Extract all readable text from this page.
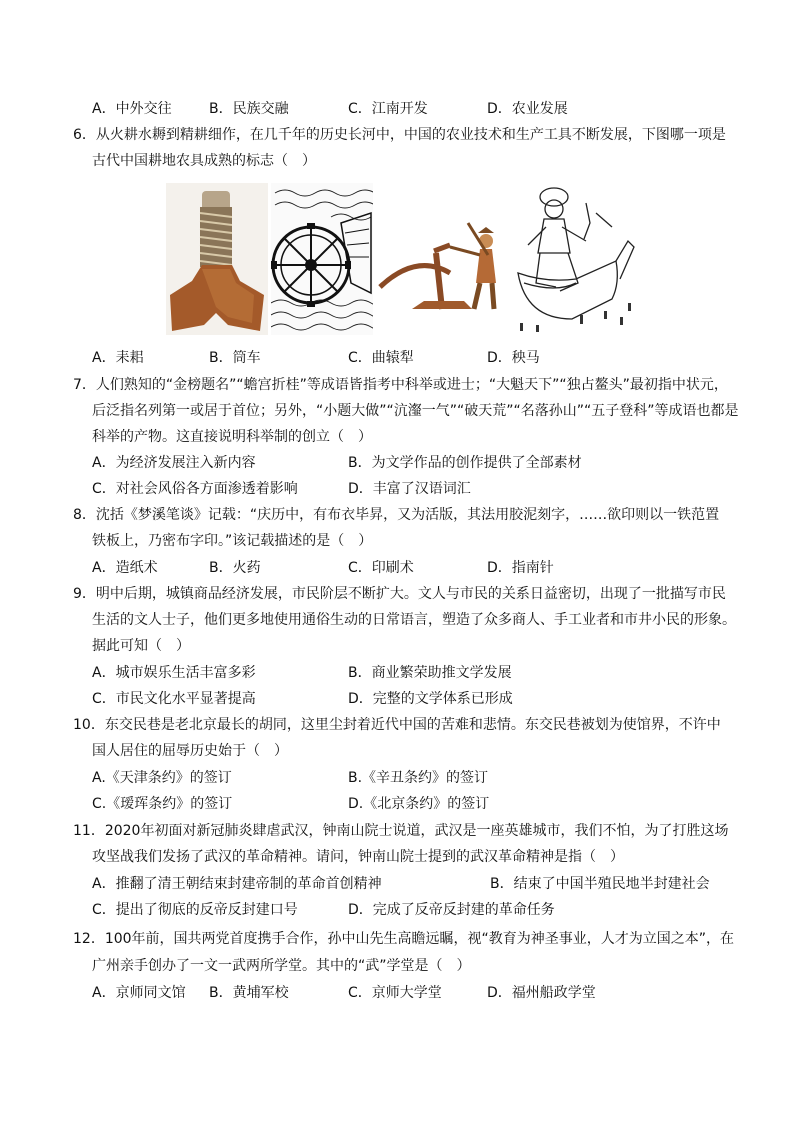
A．中外交往	B．民族交融	C．江南开发	D．农业发展
6．从火耕水耨到精耕细作，在几千年的历史长河中，中国的农业技术和生产工具不断发展，下图哪一项是
古代中国耕地农具成熟的标志（　）
A．耒耜	B．筒车	C．曲辕犁	D．秧马
7．人们熟知的“金榜题名”“蟾宫折桂”等成语皆指考中科举或进士；“大魁天下”“独占鳌头”最初指中状元，
后泛指名列第一或居于首位；另外，“小题大做”“沆瀣一气”“破天荒”“名落孙山”“五子登科”等成语也都是
科举的产物。这直接说明科举制的创立（　）
A．为经济发展注入新内容	B．为文学作品的创作提供了全部素材
C．对社会风俗各方面渗透着影响	D．丰富了汉语词汇
8．沈括《梦溪笔谈》记载：“庆历中，有布衣毕昇，又为活版，其法用胶泥刻字，……欲印则以一铁范置
铁板上，乃密布字印。”该记载描述的是（　）
A．造纸术	B．火药	C．印刷术	D．指南针
9．明中后期，城镇商品经济发展，市民阶层不断扩大。文人与市民的关系日益密切，出现了一批描写市民
生活的文人士子，他们更多地使用通俗生动的日常语言，塑造了众多商人、手工业者和市井小民的形象。
据此可知（　）
A．城市娱乐生活丰富多彩	B．商业繁荣助推文学发展
C．市民文化水平显著提高	D．完整的文学体系已形成
10．东交民巷是老北京最长的胡同，这里尘封着近代中国的苦难和悲情。东交民巷被划为使馆界，不许中
国人居住的屈辱历史始于（　）
A.《天津条约》的签订	B.《辛丑条约》的签订
C.《瑷珲条约》的签订	D.《北京条约》的签订
11．2020年初面对新冠肺炎肆虐武汉，钟南山院士说道，武汉是一座英雄城市，我们不怕，为了打胜这场
攻坚战我们发扬了武汉的革命精神。请问，钟南山院士提到的武汉革命精神是指（　）
A．推翻了清王朝结束封建帝制的革命首创精神	B．结束了中国半殖民地半封建社会
C．提出了彻底的反帝反封建口号	D．完成了反帝反封建的革命任务
12．100年前，国共两党首度携手合作，孙中山先生高瞻远瞩，视“教育为神圣事业，人才为立国之本”，在
广州亲手创办了一文一武两所学堂。其中的“武”学堂是（　）
A．京师同文馆 B．黄埔军校	C．京师大学堂	D．福州船政学堂
